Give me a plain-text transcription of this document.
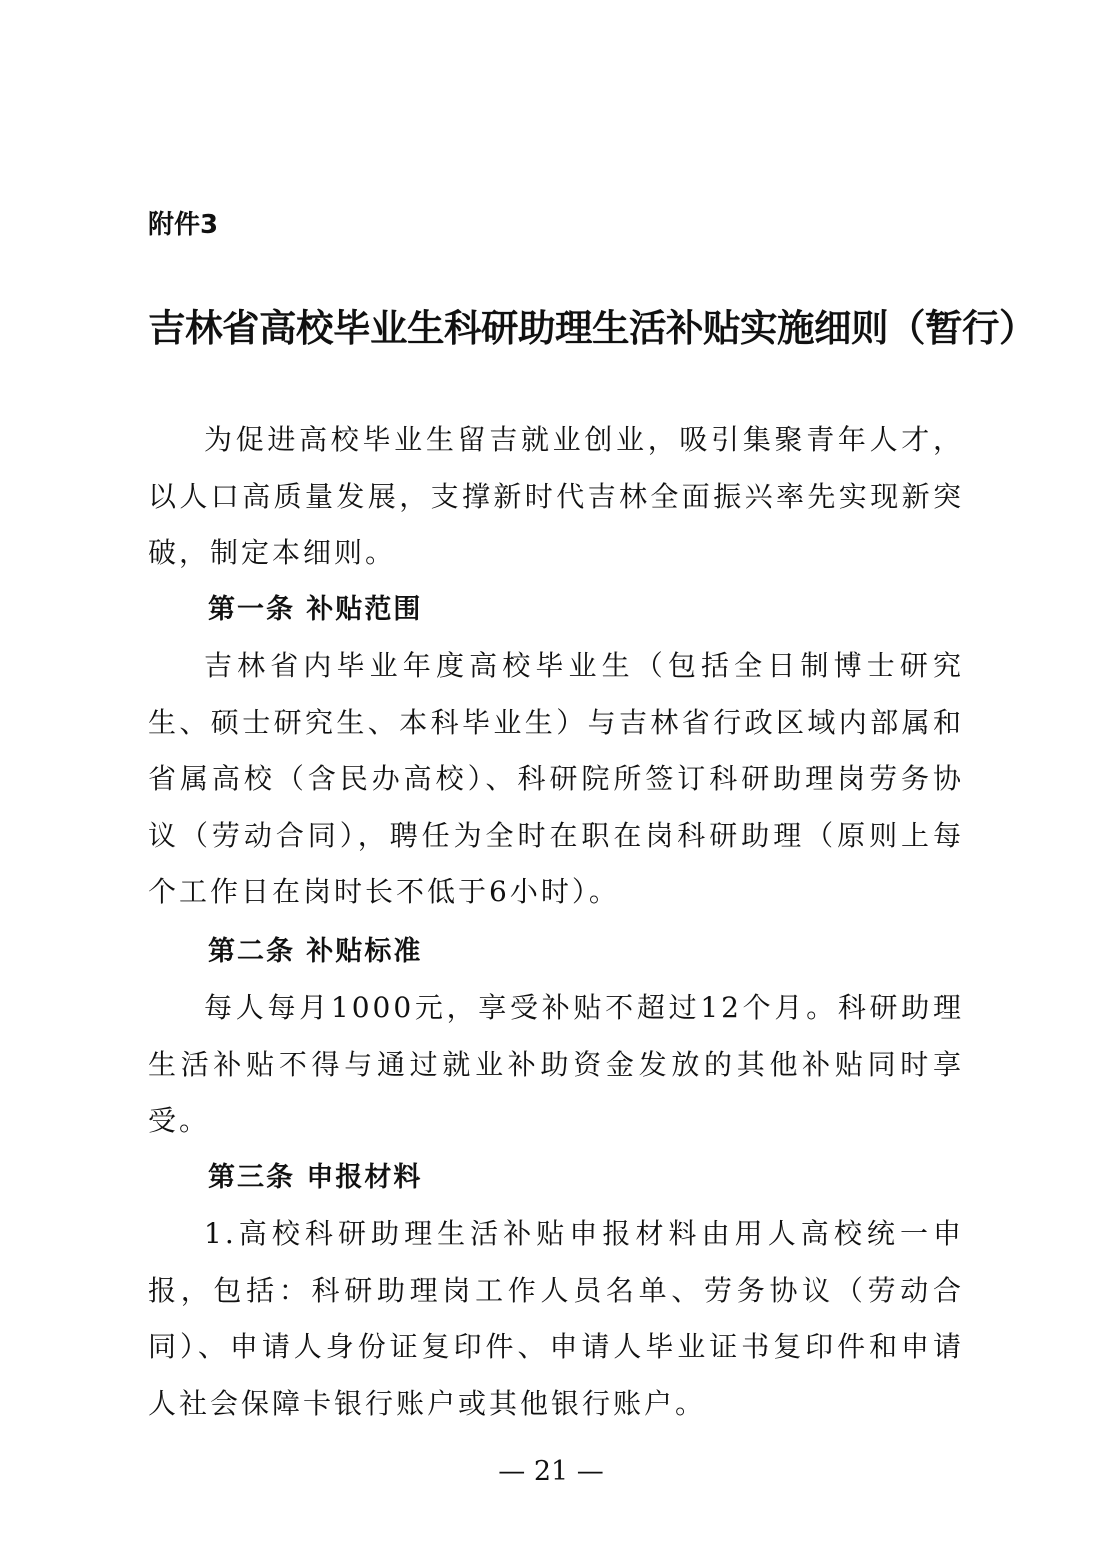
附件3

吉林省高校毕业生科研助理生活补贴实施细则（暂行）

为促进高校毕业生留吉就业创业，吸引集聚青年人才，以人口高质量发展，支撑新时代吉林全面振兴率先实现新突破，制定本细则。

第一条 补贴范围

吉林省内毕业年度高校毕业生（包括全日制博士研究生、硕士研究生、本科毕业生）与吉林省行政区域内部属和省属高校（含民办高校）、科研院所签订科研助理岗劳务协议（劳动合同），聘任为全时在职在岗科研助理（原则上每个工作日在岗时长不低于6小时）。

第二条 补贴标准

每人每月1000元，享受补贴不超过12个月。科研助理生活补贴不得与通过就业补助资金发放的其他补贴同时享受。

第三条 申报材料

1.高校科研助理生活补贴申报材料由用人高校统一申报，包括：科研助理岗工作人员名单、劳务协议（劳动合同）、申请人身份证复印件、申请人毕业证书复印件和申请人社会保障卡银行账户或其他银行账户。

— 21 —
